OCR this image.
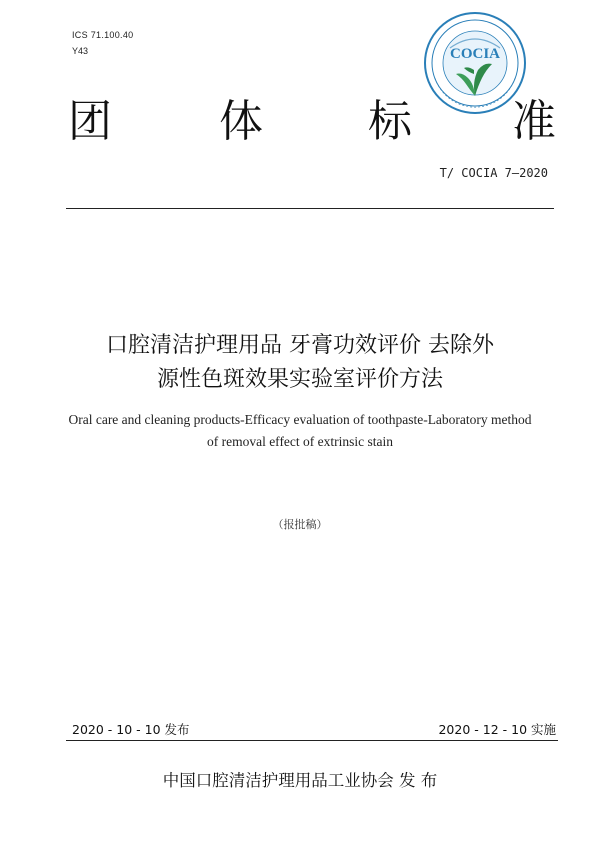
ICS 71.100.40
Y43	COCIA
团 体 标 准
T/ COCIA 7—2020
口腔清洁护理用品 牙膏功效评价 去除外
源性色斑效果实验室评价方法
Oral care and cleaning products-Efficacy evaluation of toothpaste-Laboratory method
of removal effect of extrinsic stain
（报批稿）
2020 - 10 - 10 发布	2020 - 12 - 10 实施
中国口腔清洁护理用品工业协会 发 布
